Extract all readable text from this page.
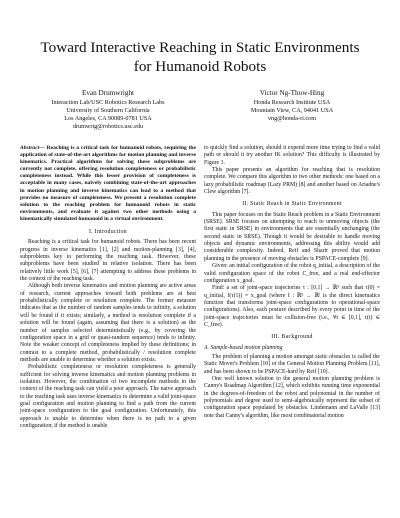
Toward Interactive Reaching in Static Environments
for Humanoid Robots
Evan Drumwright
Interaction Lab/USC Robotics Research Labs
University of Southern California
Los Angeles, CA 90089-0781 USA
drumwrig@robotics.usc.edu
Victor Ng-Thow-Hing
Honda Research Institute USA
Mountain View, CA, 94041 USA
vng@honda-ri.com

Abstract— Reaching is a critical task for humanoid robots, requiring the application of state-of-the-art algorithms for motion planning and inverse kinematics. Practical algorithms for solving these subproblems are currently not complete, offering resolution completeness or probabilistic completeness instead. While this lesser provision of completeness is acceptable in many cases, naïvely combining state-of-the-art approaches in motion planning and inverse kinematics can lead to a method that provides no measure of completeness. We present a resolution complete solution to the reaching problem for humanoid robots in static environments, and evaluate it against two other methods using a kinematically simulated humanoid in a virtual environment.

I. Introduction

Reaching is a critical task for humanoid robots. There has been recent progress in inverse kinematics [1], [2] and motion-planning [3], [4], subproblems key to performing the reaching task. However, these subproblems have been studied in relative isolation. There has been relatively little work [5], [6], [7] attempting to address these problems in the context of the reaching task.

Although both inverse kinematics and motion planning are active areas of research, current approaches toward both problems are at best probabilistically complete or resolution complete. The former measure indicates that as the number of random samples tends to infinity, a solution will be found if it exists; similarly, a method is resolution complete if a solution will be found (again, assuming that there is a solution) as the number of samples selected deterministically (e.g., by covering the configuration space in a grid or quasi-random sequence) tends to infinity. Note the weaker concept of completeness implied by these definitions; in contrast to a complete method, probabilistically / resolution complete methods are unable to determine whether a solution exists.

Probabilistic completeness or resolution completeness is generally sufficient for solving inverse kinematics and motion planning problems in isolation. However, the combination of two incomplete methods in the context of the reaching task can yield a poor approach. The naive approach to the reaching task uses inverse kinematics to determine a valid joint-space goal configuration and motion planning to find a path from the current joint-space configuration to the goal configuration. Unfortunately, this approach is unable to determine when there is no path to a given configuration; if the method is unable

to quickly find a solution, should it expend more time trying to find a valid path or should it try another IK solution? This difficulty is illustrated by Figure 1.

This paper presents an algorithm for reaching that is resolution complete. We compare this algorithm to two other methods: one based on a lazy probabilistic roadmap (Lazy PRM) [8] and another based on Ariadne's Clew algorithm [7].

II. Static Reach in Static Environment

This paper focuses on the Static Reach problem in a Static Environment (SRSE). SRSE focuses on attempting to reach to unmoving objects (the first static in SRSE) in environments that are essentially unchanging (the second static in SRSE). Though it would be desirable to handle moving objects and dynamic environments, addressing this ability would add considerable complexity. Indeed, Reif and Sharir proved that motion planning in the presence of moving obstacles is PSPACE-complete [9].

Given: an initial configuration of the robot q_initial, a description of the valid configuration space of the robot C_free, and a real end-effector configuration x_goal.

Find: a set of joint-space trajectories τ : [0,1] → ℝⁿ such that τ(0) = q_initial, f(τ(1)) = x_goal (where f : ℝⁿ → ℝˡ is the direct kinematics function that transforms joint-space configurations to operational-space configurations). Also, each posture described by every point in time of the joint-space trajectories must be collision-free (i.e., ∀t ∈ [0,1], τ(t) ∈ C_free).

III. Background
A. Sample-based motion planning

The problem of planning a motion amongst static obstacles is called the Static Mover's Problem [10] or the General Motion Planning Problem [11], and has been shown to be PSPACE-hard by Reif [10].

One well known solution to the general motion planning problem is Canny's Roadmap Algorithm [12], which exhibits running time exponential in the degrees-of-freedom of the robot and polynomial in the number of polynomials and degree used to semi-algebraically represent the subset of configuration space populated by obstacles. Lindemann and LaValle [13] note that Canny's algorithm, like most combinatorial motion
